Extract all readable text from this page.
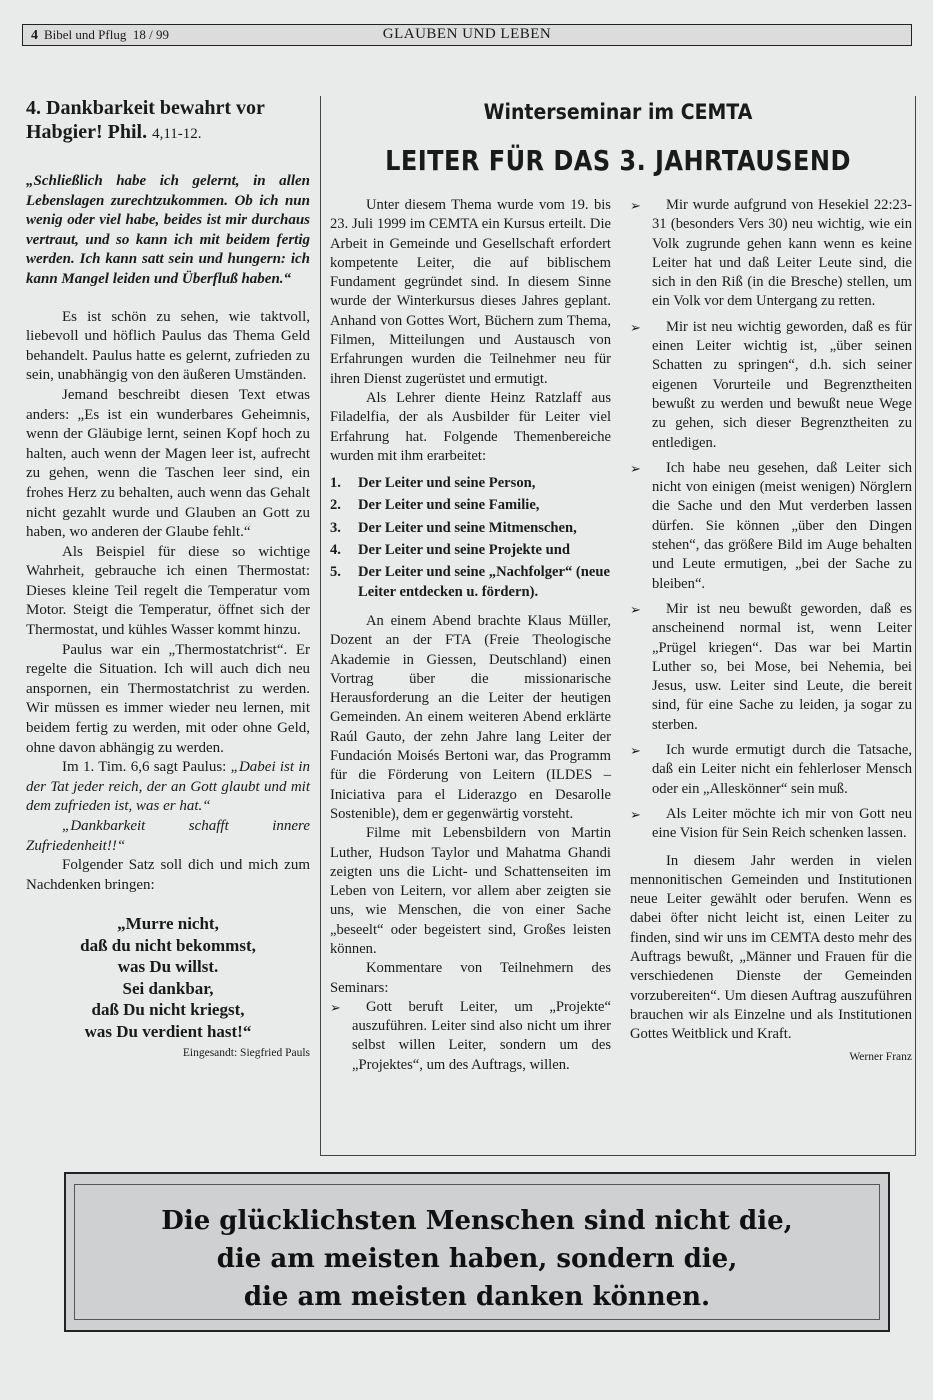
4 Bibel und Pflug 18 / 99	GLAUBEN UND LEBEN
4. Dankbarkeit bewahrt vor Habgier! Phil. 4,11-12.
„Schließlich habe ich gelernt, in allen Lebenslagen zurechtzukommen. Ob ich nun wenig oder viel habe, beides ist mir durchaus vertraut, und so kann ich mit beidem fertig werden. Ich kann satt sein und hungern: ich kann Mangel leiden und Überfluß haben.“

Es ist schön zu sehen, wie taktvoll, liebevoll und höflich Paulus das Thema Geld behandelt. Paulus hatte es gelernt, zufrieden zu sein, unabhängig von den äußeren Umständen.

Jemand beschreibt diesen Text etwas anders: „Es ist ein wunderbares Geheimnis, wenn der Gläubige lernt, seinen Kopf hoch zu halten, auch wenn der Magen leer ist, aufrecht zu gehen, wenn die Taschen leer sind, ein frohes Herz zu behalten, auch wenn das Gehalt nicht gezahlt wurde und Glauben an Gott zu haben, wo anderen der Glaube fehlt.“

Als Beispiel für diese so wichtige Wahrheit, gebrauche ich einen Thermostat: Dieses kleine Teil regelt die Temperatur vom Motor. Steigt die Temperatur, öffnet sich der Thermostat, und kühles Wasser kommt hinzu.

Paulus war ein „Thermostatchrist“. Er regelte die Situation. Ich will auch dich neu anspornen, ein Thermostatchrist zu werden. Wir müssen es immer wieder neu lernen, mit beidem fertig zu werden, mit oder ohne Geld, ohne davon abhängig zu werden.

Im 1. Tim. 6,6 sagt Paulus: „Dabei ist in der Tat jeder reich, der an Gott glaubt und mit dem zufrieden ist, was er hat.“

„Dankbarkeit schafft innere Zufriedenheit!!“

Folgender Satz soll dich und mich zum Nachdenken bringen:

„Murre nicht,
daß du nicht bekommst,
was Du willst.
Sei dankbar,
daß Du nicht kriegst,
was Du verdient hast!“
Eingesandt: Siegfried Pauls
Winterseminar im CEMTA
LEITER FÜR DAS 3. JAHRTAUSEND

Unter diesem Thema wurde vom 19. bis 23. Juli 1999 im CEMTA ein Kursus erteilt. Die Arbeit in Gemeinde und Gesellschaft erfordert kompetente Leiter, die auf biblischem Fundament gegründet sind. In diesem Sinne wurde der Winterkursus dieses Jahres geplant. Anhand von Gottes Wort, Büchern zum Thema, Filmen, Mitteilungen und Austausch von Erfahrungen wurden die Teilnehmer neu für ihren Dienst zugerüstet und ermutigt.

Als Lehrer diente Heinz Ratzlaff aus Filadelfia, der als Ausbilder für Leiter viel Erfahrung hat. Folgende Themenbereiche wurden mit ihm erarbeitet:

1.	Der Leiter und seine Person,
2.	Der Leiter und seine Familie,
3.	Der Leiter und seine Mitmenschen,
4.	Der Leiter und seine Projekte und
5.	Der Leiter und seine „Nachfolger“ (neue Leiter entdecken u. fördern).

An einem Abend brachte Klaus Müller, Dozent an der FTA (Freie Theologische Akademie in Giessen, Deutschland) einen Vortrag über die missionarische Herausforderung an die Leiter der heutigen Gemeinden. An einem weiteren Abend erklärte Raúl Gauto, der zehn Jahre lang Leiter der Fundación Moisés Bertoni war, das Programm für die Förderung von Leitern (ILDES – Iniciativa para el Liderazgo en Desarolle Sostenible), dem er gegenwärtig vorsteht.

Filme mit Lebensbildern von Martin Luther, Hudson Taylor und Mahatma Ghandi zeigten uns die Licht- und Schattenseiten im Leben von Leitern, vor allem aber zeigten sie uns, wie Menschen, die von einer Sache „beseelt“ oder begeistert sind, Großes leisten können.

Kommentare von Teilnehmern des Seminars:

➢	Gott beruft Leiter, um „Projekte“ auszuführen. Leiter sind also nicht um ihrer selbst willen Leiter, sondern um des „Projektes“, um des Auftrags, willen.
➢	Mir wurde aufgrund von Hesekiel 22:23-31 (besonders Vers 30) neu wichtig, wie ein Volk zugrunde gehen kann wenn es keine Leiter hat und daß Leiter Leute sind, die sich in den Riß (in die Bresche) stellen, um ein Volk vor dem Untergang zu retten.
➢	Mir ist neu wichtig geworden, daß es für einen Leiter wichtig ist, „über seinen Schatten zu springen“, d.h. sich seiner eigenen Vorurteile und Begrenztheiten bewußt zu werden und bewußt neue Wege zu gehen, sich dieser Begrenztheiten zu entledigen.
➢	Ich habe neu gesehen, daß Leiter sich nicht von einigen (meist wenigen) Nörglern die Sache und den Mut verderben lassen dürfen. Sie können „über den Dingen stehen“, das größere Bild im Auge behalten und Leute ermutigen, „bei der Sache zu bleiben“.
➢	Mir ist neu bewußt geworden, daß es anscheinend normal ist, wenn Leiter „Prügel kriegen“. Das war bei Martin Luther so, bei Mose, bei Nehemia, bei Jesus, usw. Leiter sind Leute, die bereit sind, für eine Sache zu leiden, ja sogar zu sterben.
➢	Ich wurde ermutigt durch die Tatsache, daß ein Leiter nicht ein fehlerloser Mensch oder ein „Alleskönner“ sein muß.
➢	Als Leiter möchte ich mir von Gott neu eine Vision für Sein Reich schenken lassen.

In diesem Jahr werden in vielen mennonitischen Gemeinden und Institutionen neue Leiter gewählt oder berufen. Wenn es dabei öfter nicht leicht ist, einen Leiter zu finden, sind wir uns im CEMTA desto mehr des Auftrags bewußt, „Männer und Frauen für die verschiedenen Dienste der Gemeinden vorzubereiten“. Um diesen Auftrag auszuführen brauchen wir als Einzelne und als Institutionen Gottes Weitblick und Kraft.

Werner Franz
Die glücklichsten Menschen sind nicht die,
die am meisten haben, sondern die,
die am meisten danken können.
